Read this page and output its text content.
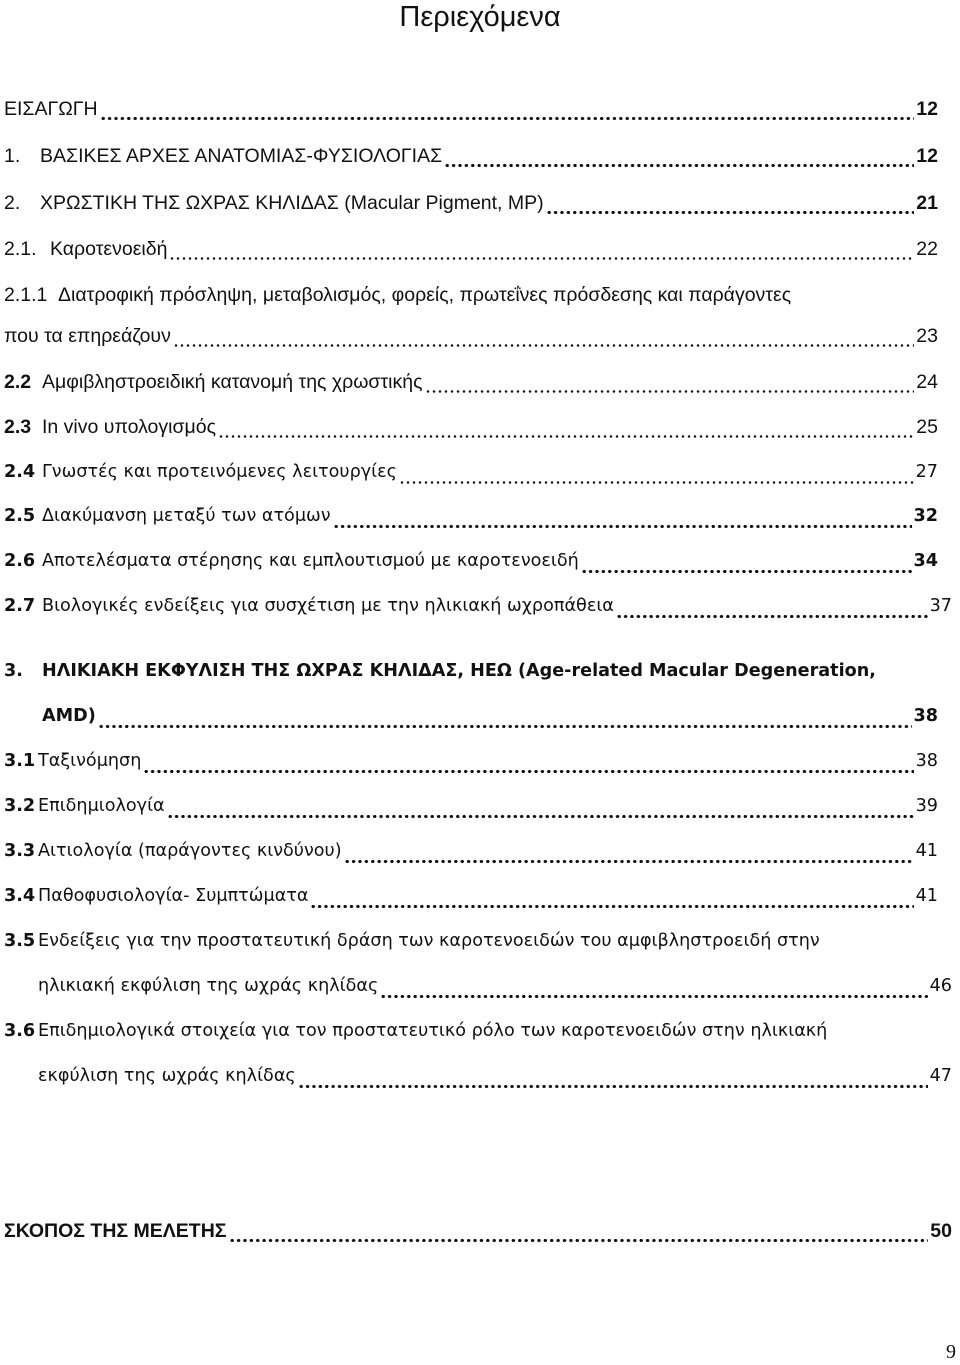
Περιεχόμενα
ΕΙΣΑΓΩΓΗ	12
1.	ΒΑΣΙΚΕΣ ΑΡΧΕΣ ΑΝΑΤΟΜΙΑΣ-ΦΥΣΙΟΛΟΓΙΑΣ	12
2.	ΧΡΩΣΤΙΚΗ ΤΗΣ ΩΧΡΑΣ ΚΗΛΙΔΑΣ (Macular Pigment, MP)	21
2.1. Καροτενοειδή	22
2.1.1 Διατροφική πρόσληψη, μεταβολισμός, φορείς, πρωτεΐνες πρόσδεσης και παράγοντες
που τα επηρεάζουν	23
2.2 Αμφιβληστροειδική κατανομή της χρωστικής	24
2.3 In vivo υπολογισμός	25
2.4 Γνωστές και προτεινόμενες λειτουργίες	27
2.5 Διακύμανση μεταξύ των ατόμων	32
2.6 Αποτελέσματα στέρησης και εμπλουτισμού με καροτενοειδή	34
2.7 Βιολογικές ενδείξεις για συσχέτιση με την ηλικιακή ωχροπάθεια	37
3.	ΗΛΙΚΙΑΚΗ ΕΚΦΥΛΙΣΗ ΤΗΣ ΩΧΡΑΣ ΚΗΛΙΔΑΣ, ΗΕΩ (Age-related Macular Degeneration,
AMD)	38
3.1 Ταξινόμηση	38
3.2 Επιδημιολογία	39
3.3 Αιτιολογία (παράγοντες κινδύνου)	41
3.4 Παθοφυσιολογία- Συμπτώματα	41
3.5 Ενδείξεις για την προστατευτική δράση των καροτενοειδών του αμφιβληστροειδή στην
ηλικιακή εκφύλιση της ωχράς κηλίδας	46
3.6 Επιδημιολογικά στοιχεία για τον προστατευτικό ρόλο των καροτενοειδών στην ηλικιακή
εκφύλιση της ωχράς κηλίδας	47
ΣΚΟΠΟΣ ΤΗΣ ΜΕΛΕΤΗΣ	50
9
